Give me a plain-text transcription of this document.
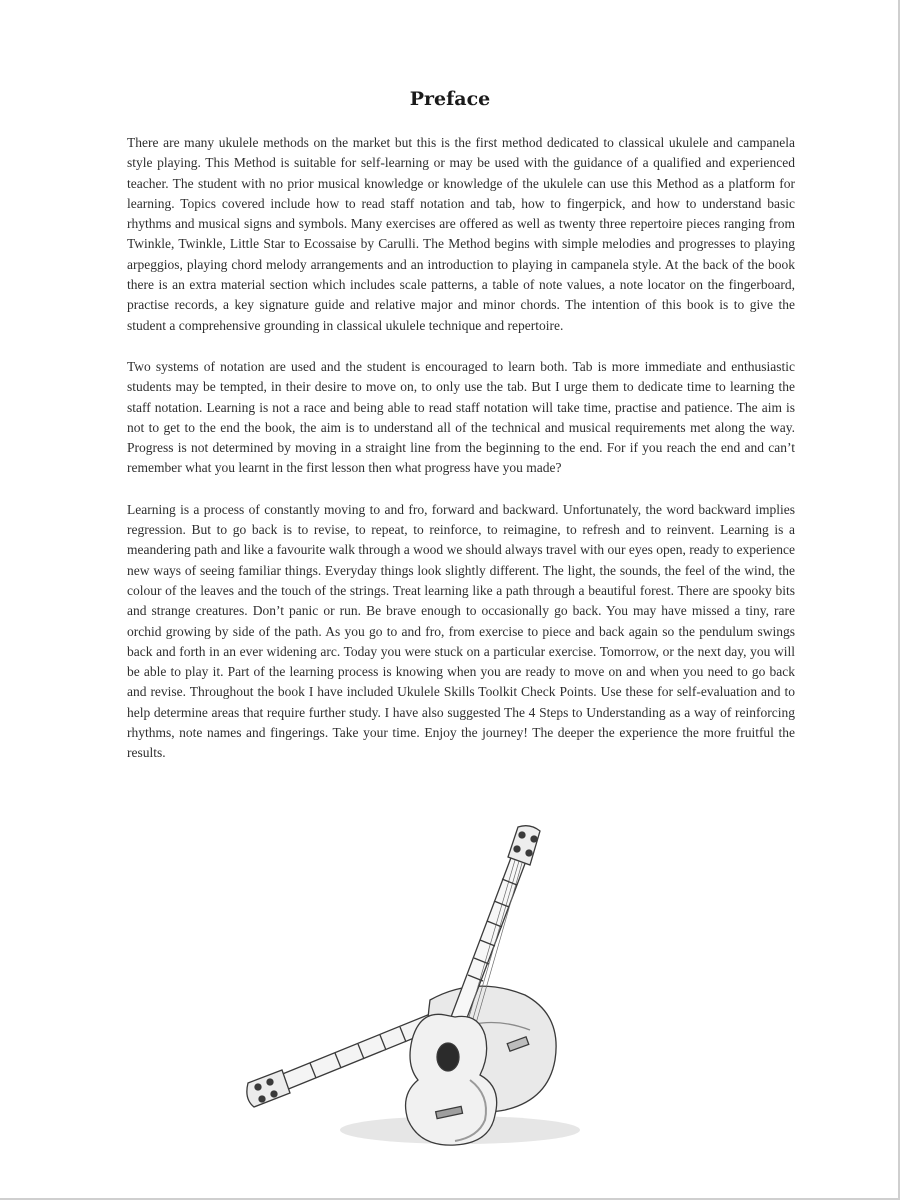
Preface

There are many ukulele methods on the market but this is the first method dedicated to classical ukulele and campanela style playing. This Method is suitable for self-learning or may be used with the guidance of a qualified and experienced teacher. The student with no prior musical knowledge or knowledge of the ukulele can use this Method as a platform for learning. Topics covered include how to read staff notation and tab, how to fingerpick, and how to understand basic rhythms and musical signs and symbols. Many exercises are offered as well as twenty three repertoire pieces ranging from Twinkle, Twinkle, Little Star to Ecossaise by Carulli. The Method begins with simple melodies and progresses to playing arpeggios, playing chord melody arrangements and an introduction to playing in campanela style. At the back of the book there is an extra material section which includes scale patterns, a table of note values, a note locator on the fingerboard, practise records, a key signature guide and relative major and minor chords. The intention of this book is to give the student a comprehensive grounding in classical ukulele technique and repertoire.

Two systems of notation are used and the student is encouraged to learn both. Tab is more immediate and enthusiastic students may be tempted, in their desire to move on, to only use the tab. But I urge them to dedicate time to learning the staff notation. Learning is not a race and being able to read staff notation will take time, practise and patience. The aim is not to get to the end the book, the aim is to understand all of the technical and musical requirements met along the way. Progress is not determined by moving in a straight line from the beginning to the end. For if you reach the end and can’t remember what you learnt in the first lesson then what progress have you made?

Learning is a process of constantly moving to and fro, forward and backward. Unfortunately, the word backward implies regression. But to go back is to revise, to repeat, to reinforce, to reimagine, to refresh and to reinvent. Learning is a meandering path and like a favourite walk through a wood we should always travel with our eyes open, ready to experience new ways of seeing familiar things. Everyday things look slightly different. The light, the sounds, the feel of the wind, the colour of the leaves and the touch of the strings. Treat learning like a path through a beautiful forest. There are spooky bits and strange creatures. Don’t panic or run. Be brave enough to occasionally go back. You may have missed a tiny, rare orchid growing by side of the path. As you go to and fro, from exercise to piece and back again so the pendulum swings back and forth in an ever widening arc. Today you were stuck on a particular exercise. Tomorrow, or the next day, you will be able to play it. Part of the learning process is knowing when you are ready to move on and when you need to go back and revise. Throughout the book I have included Ukulele Skills Toolkit Check Points. Use these for self-evaluation and to help determine areas that require further study. I have also suggested The 4 Steps to Understanding as a way of reinforcing rhythms, note names and fingerings. Take your time. Enjoy the journey! The deeper the experience the more fruitful the results.
